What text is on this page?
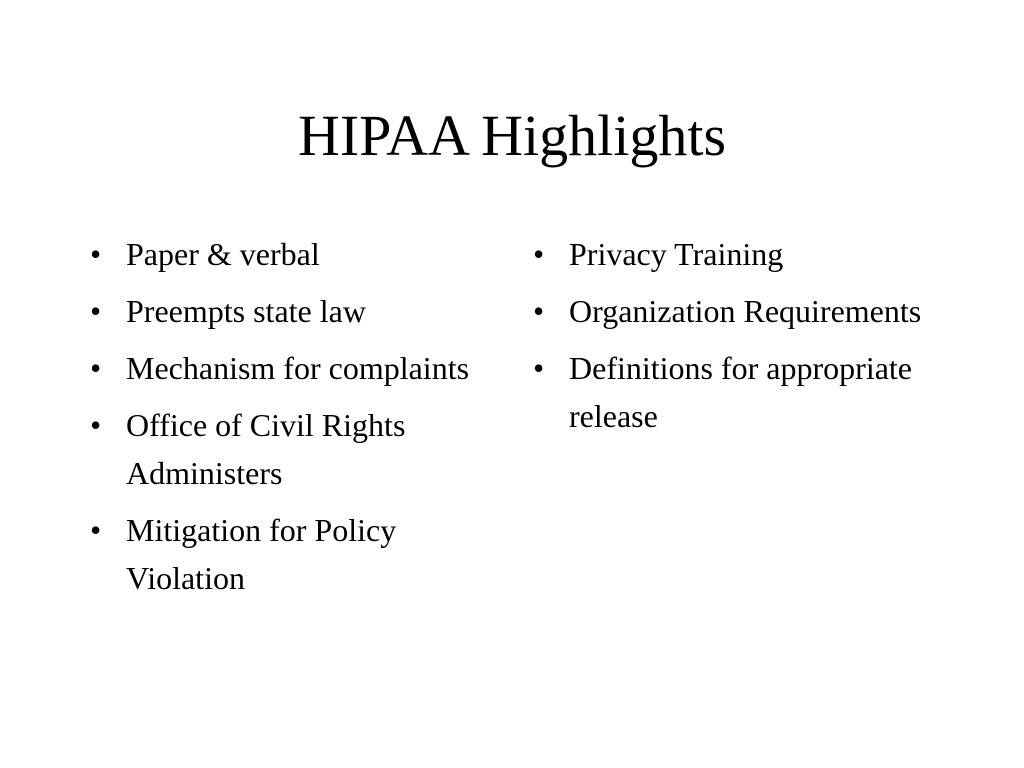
HIPAA Highlights
• Paper & verbal
• Preempts state law
• Mechanism for complaints
• Office of Civil Rights Administers
• Mitigation for Policy Violation
• Privacy Training
• Organization Requirements
• Definitions for appropriate release
